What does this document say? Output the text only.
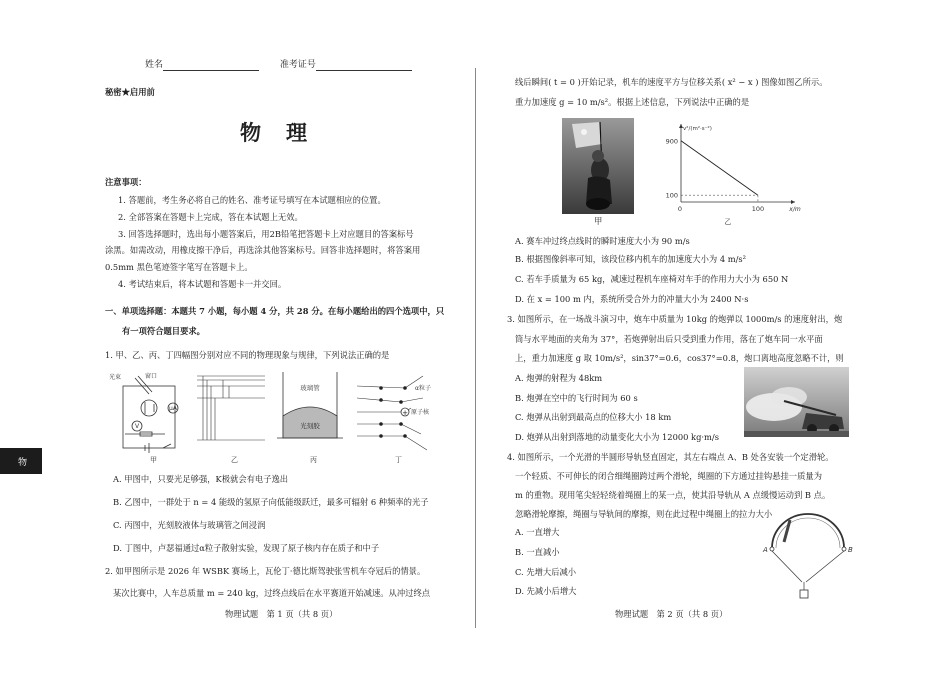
姓名 　　	准考证号
秘密★启用前
物　理
物
注意事项：
1. 答题前，考生务必将自己的姓名、准考证号填写在本试题相应的位置。
2. 全部答案在答题卡上完成，答在本试题上无效。
3. 回答选择题时，选出每小题答案后，用2B铅笔把答题卡上对应题目的答案标号
涂黑。如需改动，用橡皮擦干净后，再选涂其他答案标号。回答非选择题时，将答案用
0.5mm 黑色笔迹签字笔写在答题卡上。
4. 考试结束后，将本试题和答题卡一并交回。
一、单项选择题：本题共 7 小题，每小题 4 分，共 28 分。在每小题给出的四个选项中，只
有一项符合题目要求。
1. 甲、乙、丙、丁四幅图分别对应不同的物理现象与规律，下列说法正确的是
光束	窗口
μA
V
玻璃管
光刻胶
+
α粒子
原子核
甲	乙	丙	丁
A. 甲图中，只要光足够强，K极就会有电子逸出
B. 乙图中，一群处于 n = 4 能级的氢原子向低能级跃迁，最多可辐射 6 种频率的光子
C. 丙图中，光刻胶液体与玻璃管之间浸润
D. 丁图中，卢瑟福通过α粒子散射实验，发现了原子核内存在质子和中子
2. 如甲图所示是 2026 年 WSBK 赛场上，瓦伦丁·德比斯驾驶张雪机车夺冠后的情景。
某次比赛中，人车总质量 m = 240 kg，过终点线后在水平赛道开始减速。从冲过终点
物理试题　第 1 页（共 8 页）
线后瞬间( t = 0 )开始记录，机车的速度平方与位移关系( x² − x ) 图像如图乙所示。
重力加速度 g = 10 m/s²。根据上述信息，下列说法中正确的是
甲
900
100
0	100
v²/(m²·s⁻²)
x/m
乙
A. 赛车冲过终点线时的瞬时速度大小为 90 m/s
B. 根据图像斜率可知，该段位移内机车的加速度大小为 4 m/s²
C. 若车手质量为 65 kg，减速过程机车座椅对车手的作用力大小为 650 N
D. 在 x = 100 m 内，系统所受合外力的冲量大小为 2400 N·s
3. 如图所示，在一场战斗演习中，炮车中质量为 10kg 的炮弹以 1000m/s 的速度射出，炮
筒与水平地面的夹角为 37°，若炮弹射出后只受到重力作用，落在了炮车同一水平面
上，重力加速度 g 取 10m/s²，sin37°=0.6，cos37°=0.8，炮口离地高度忽略不计，则
A. 炮弹的射程为 48km
B. 炮弹在空中的飞行时间为 60 s
C. 炮弹从出射到最高点的位移大小 18 km
D. 炮弹从出射到落地的动量变化大小为 12000 kg·m/s
4. 如图所示，一个光滑的半圆形导轨竖直固定，其左右端点 A、B 处各安装一个定滑轮。
一个轻质、不可伸长的闭合细绳圈跨过两个滑轮，绳圈的下方通过挂钩悬挂一质量为
m 的重物。现用笔尖轻轻绕着绳圈上的某一点，使其沿导轨从 A 点缓慢运动到 B 点。
忽略滑轮摩擦，绳圈与导轨间的摩擦，则在此过程中绳圈上的拉力大小
A. 一直增大
B. 一直减小
C. 先增大后减小
D. 先减小后增大
A	B
物理试题　第 2 页（共 8 页）
